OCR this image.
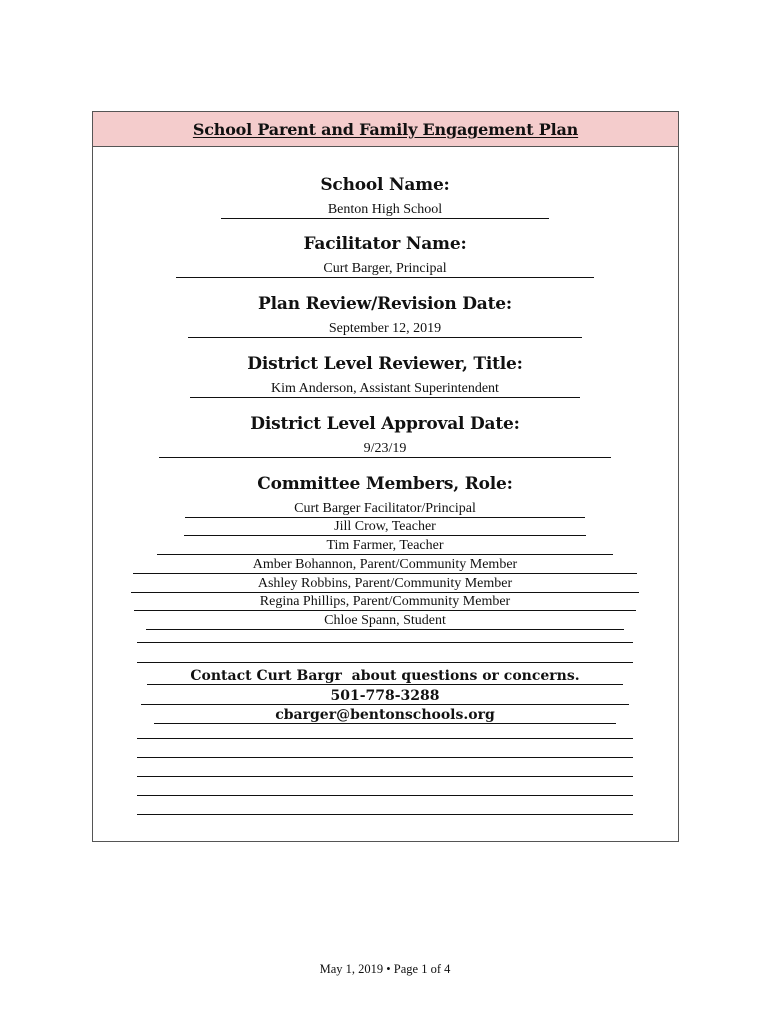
School Parent and Family Engagement Plan
School Name:
Benton High School
Facilitator Name:
Curt Barger, Principal
Plan Review/Revision Date:
September 12, 2019
District Level Reviewer, Title:
Kim Anderson, Assistant Superintendent
District Level Approval Date:
9/23/19
Committee Members, Role:
Curt Barger Facilitator/Principal
Jill Crow, Teacher
Tim Farmer, Teacher
Amber Bohannon, Parent/Community Member
Ashley Robbins, Parent/Community Member
Regina Phillips, Parent/Community Member
Chloe Spann, Student
Contact Curt Bargr  about questions or concerns.
501-778-3288
cbarger@bentonschools.org
May 1, 2019 • Page 1 of 4
